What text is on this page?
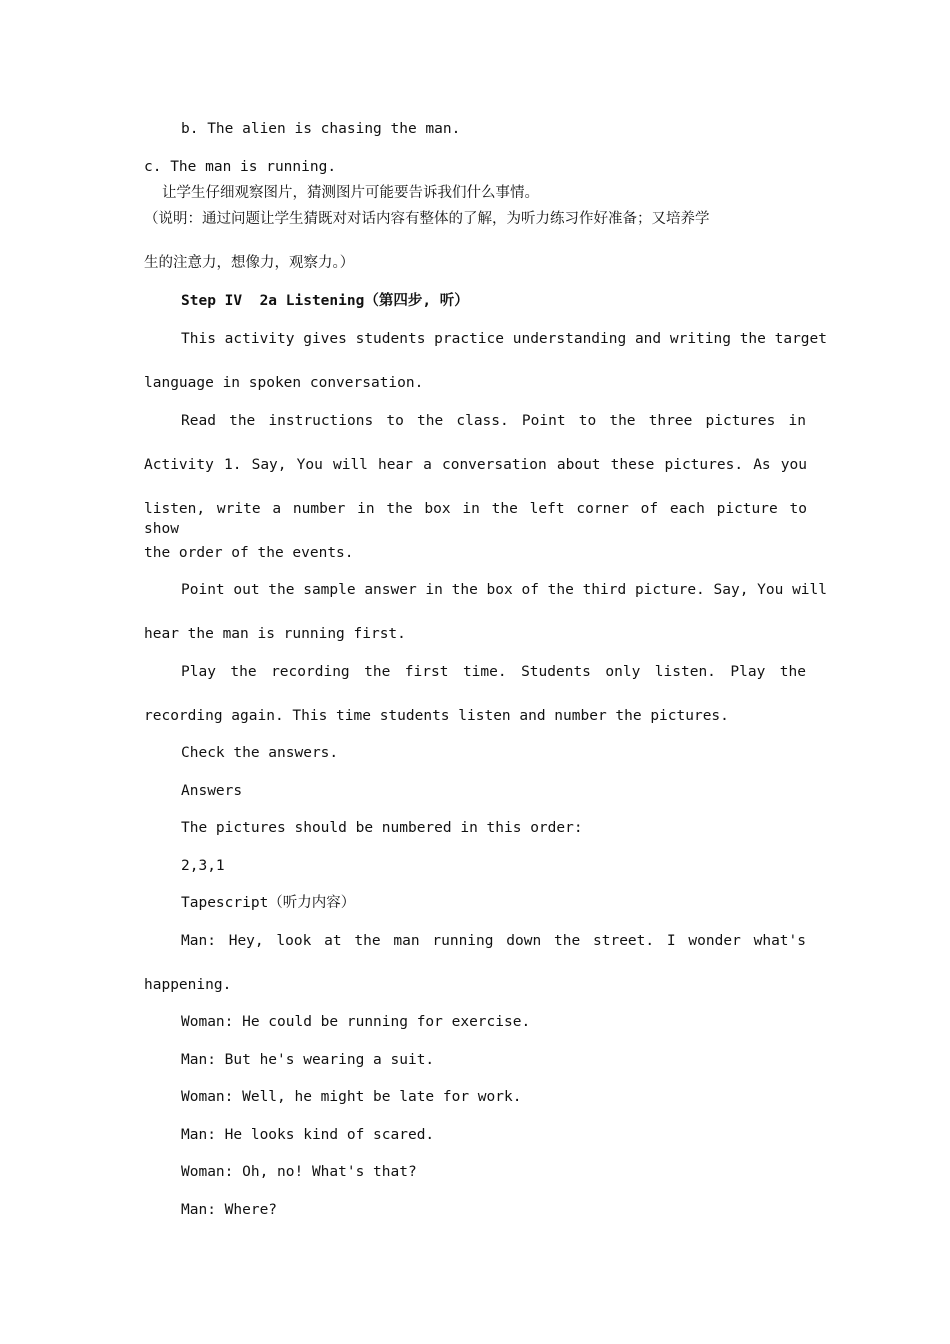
b. The alien is chasing the man.
c. The man is running.
让学生仔细观察图片，猜测图片可能要告诉我们什么事情。
（说明：通过问题让学生猜既对对话内容有整体的了解，为听力练习作好准备；又培养学
生的注意力，想像力，观察力。）
Step IV  2a Listening（第四步, 听）
This activity gives students practice understanding and writing the target
language in spoken conversation.
Read the instructions to the class. Point to the three pictures in
Activity 1. Say, You will hear a conversation about these pictures. As you
listen, write a number in the box in the left corner of each picture to show
the order of the events.
Point out the sample answer in the box of the third picture. Say, You will
hear the man is running first.
Play the recording the first time. Students only listen. Play the
recording again. This time students listen and number the pictures.
Check the answers.
Answers
The pictures should be numbered in this order:
2,3,1
Tapescript（听力内容）
Man: Hey, look at the man running down the street. I wonder what's
happening.
Woman: He could be running for exercise.
Man: But he's wearing a suit.
Woman: Well, he might be late for work.
Man: He looks kind of scared.
Woman: Oh, no! What's that?
Man: Where?
